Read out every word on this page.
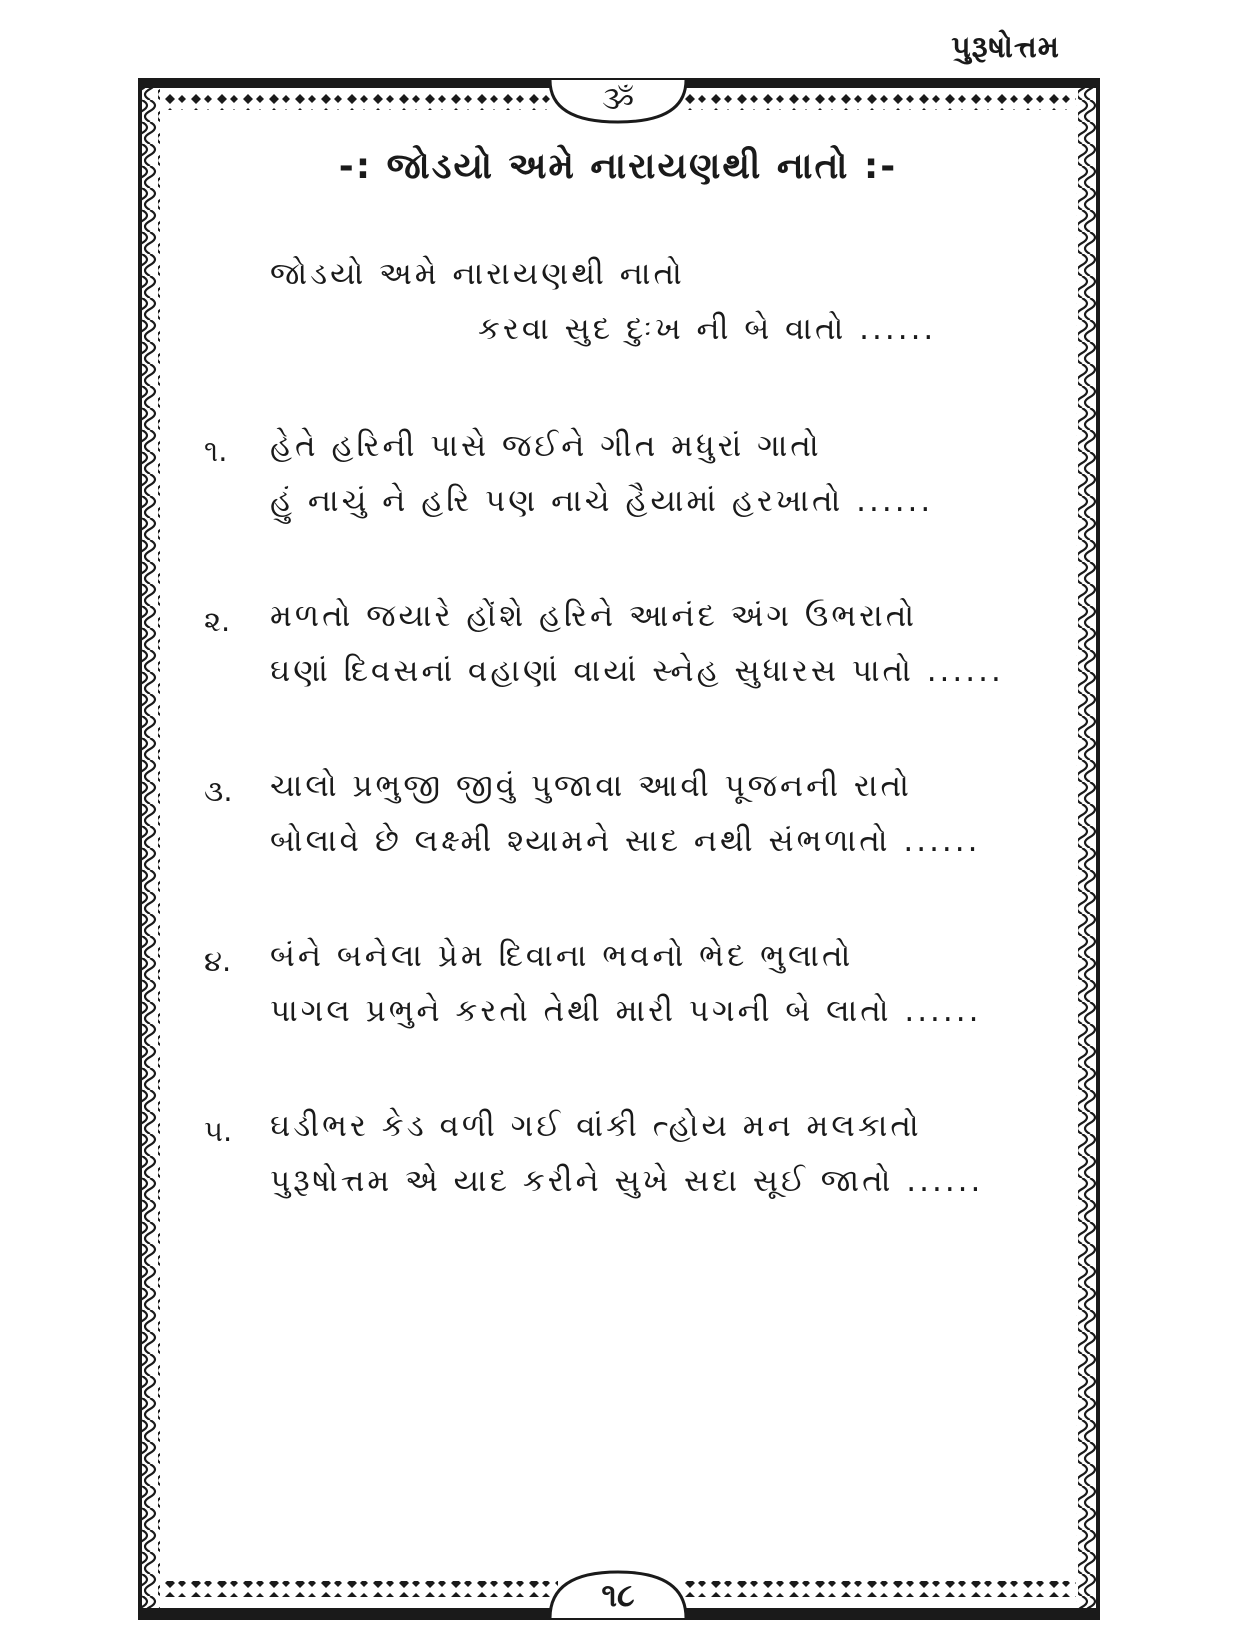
પુરૂષોત્તમ
ૐ
૧૮
-: જોડયો અમે નારાયણથી નાતો :-
જોડયો અમે નારાયણથી નાતો
કરવા સુદ દુઃખ ની બે વાતો ......
૧. હેતે હરિની પાસે જઈને ગીત મધુરાં ગાતો
હું નાચું ને હરિ પણ નાચે હૈયામાં હરખાતો ......
૨. મળતો જયારે હોંશે હરિને આનંદ અંગ ઉભરાતો
ઘણાં દિવસનાં વહાણાં વાયાં સ્નેહ સુધારસ પાતો ......
૩. ચાલો પ્રભુજી જીવું પુજાવા આવી પૂજનની રાતો
બોલાવે છે લક્ષ્મી શ્યામને સાદ નથી સંભળાતો ......
૪. બંને બનેલા પ્રેમ દિવાના ભવનો ભેદ ભુલાતો
પાગલ પ્રભુને કરતો તેથી મારી પગની બે લાતો ......
૫. ઘડીભર કેડ વળી ગઈ વાંકી ત્હોય મન મલકાતો
પુરૂષોત્તમ એ યાદ કરીને સુખે સદા સૂઈ જાતો ......
